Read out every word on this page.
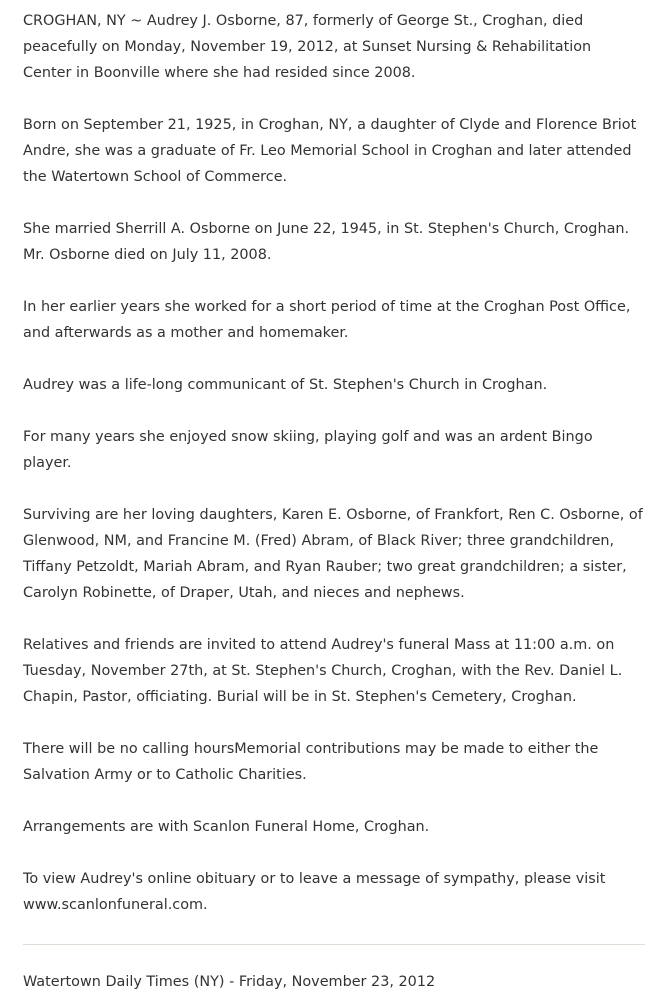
CROGHAN, NY ~ Audrey J. Osborne, 87, formerly of George St., Croghan, died peacefully on Monday, November 19, 2012, at Sunset Nursing & Rehabilitation Center in Boonville where she had resided since 2008.

Born on September 21, 1925, in Croghan, NY, a daughter of Clyde and Florence Briot Andre, she was a graduate of Fr. Leo Memorial School in Croghan and later attended the Watertown School of Commerce.

She married Sherrill A. Osborne on June 22, 1945, in St. Stephen's Church, Croghan. Mr. Osborne died on July 11, 2008.

In her earlier years she worked for a short period of time at the Croghan Post Office, and afterwards as a mother and homemaker.

Audrey was a life-long communicant of St. Stephen's Church in Croghan.

For many years she enjoyed snow skiing, playing golf and was an ardent Bingo player.

Surviving are her loving daughters, Karen E. Osborne, of Frankfort, Ren C. Osborne, of Glenwood, NM, and Francine M. (Fred) Abram, of Black River; three grandchildren, Tiffany Petzoldt, Mariah Abram, and Ryan Rauber; two great grandchildren; a sister, Carolyn Robinette, of Draper, Utah, and nieces and nephews.

Relatives and friends are invited to attend Audrey's funeral Mass at 11:00 a.m. on Tuesday, November 27th, at St. Stephen's Church, Croghan, with the Rev. Daniel L. Chapin, Pastor, officiating. Burial will be in St. Stephen's Cemetery, Croghan.

There will be no calling hoursMemorial contributions may be made to either the Salvation Army or to Catholic Charities.

Arrangements are with Scanlon Funeral Home, Croghan.

To view Audrey's online obituary or to leave a message of sympathy, please visit www.scanlonfuneral.com.

Watertown Daily Times (NY) - Friday, November 23, 2012
